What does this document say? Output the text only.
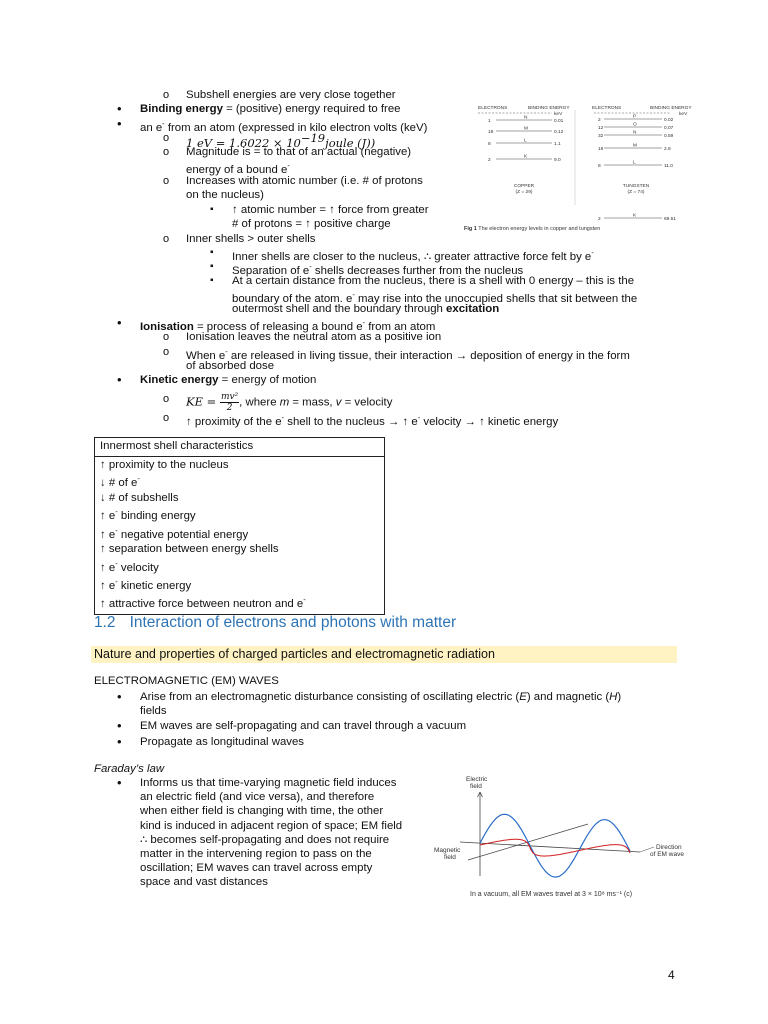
o Subshell energies are very close together
• Binding energy = (positive) energy required to free
• an e- from an atom (expressed in kilo electron volts (keV)
o 1 eV = $1.6022 \times 10^{-19}joule$ (J))
o Magnitude is = to that of an actual (negative)
energy of a bound e-
o Increases with atomic number (i.e. # of protons
on the nucleus)
▪ ↑ atomic number = ↑ force from greater
# of protons = ↑ positive charge
o Inner shells > outer shells
▪ Inner shells are closer to the nucleus, ∴ greater attractive force felt by e-
▪ Separation of e- shells decreases further from the nucleus
▪ At a certain distance from the nucleus, there is a shell with 0 energy – this is the
boundary of the atom. e- may rise into the unoccupied shells that sit between the
outermost shell and the boundary through excitation
• Ionisation = process of releasing a bound e- from an atom
o Ionisation leaves the neutral atom as a positive ion
o When e- are released in living tissue, their interaction → deposition of energy in the form
of absorbed dose
• Kinetic energy = energy of motion
o KE = $\frac{\text{mv²}}{2}$ , where m = mass, v = velocity
o ↑ proximity of the e- shell to the nucleus → ↑ e- velocity → ↑ kinetic energy
ELECTRONS	BINDING ENERGY	ELECTRONS	BINDING ENERGY
keV	keV
1
N
0.01
18
M
0.12
8
L
1.1
2
K
9.0
2
P
0.02
12
O
0.07
32
N
0.59
18
M
2.8
8
L
11.0
2
K
69.51
COPPER
(Z = 29)
TUNGSTEN
(Z = 74)
Fig 1 The electron energy levels in copper and tungsten
Innermost shell characteristics

↑ proximity to the nucleus
↓ # of e-
↓ # of subshells
↑ e- binding energy
↑ e- negative potential energy
↑ separation between energy shells
↑ e- velocity
↑ e- kinetic energy
↑ attractive force between neutron and e-
1.2 Interaction of electrons and photons with matter
Nature and properties of charged particles and electromagnetic radiation
ELECTROMAGNETIC (EM) WAVES
• Arise from an electromagnetic disturbance consisting of oscillating electric (E) and magnetic (H)
fields
• EM waves are self-propagating and can travel through a vacuum
• Propagate as longitudinal waves
Faraday’s law
• Informs us that time-varying magnetic field induces
an electric field (and vice versa), and therefore
when either field is changing with time, the other
kind is induced in adjacent region of space; EM field
∴ becomes self-propagating and does not require
matter in the intervening region to pass on the
oscillation; EM waves can travel across empty
space and vast distances
Electric
field
Magnetic
field
Direction
of EM wave
In a vacuum, all EM waves travel at 3 × 10⁸ ms⁻¹ (c)
4
